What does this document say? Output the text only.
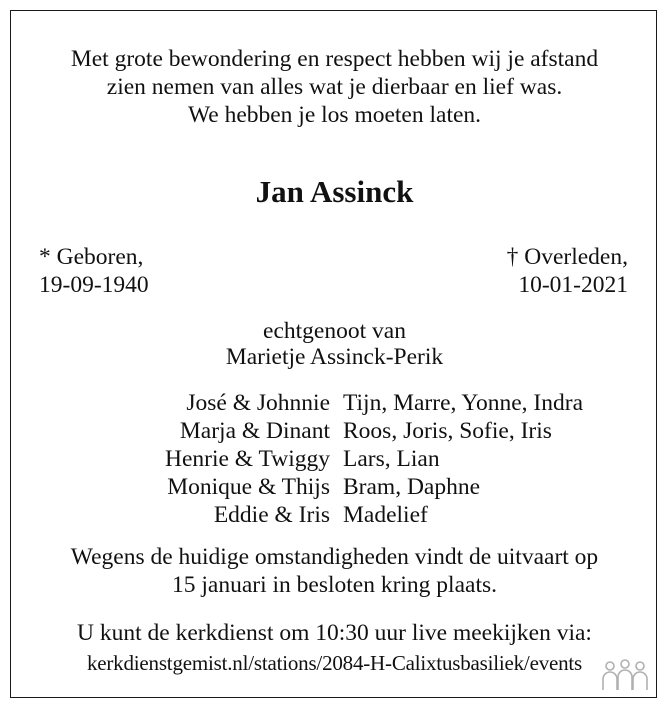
Met grote bewondering en respect hebben wij je afstand
zien nemen van alles wat je dierbaar en lief was.
We hebben je los moeten laten.
Jan Assinck
* Geboren,
19-09-1940
† Overleden,
10-01-2021
echtgenoot van
Marietje Assinck-Perik
José & Johnnie Tijn, Marre, Yonne, Indra
Marja & Dinant Roos, Joris, Sofie, Iris
Henrie & Twiggy Lars, Lian
Monique & Thijs Bram, Daphne
Eddie & Iris Madelief
Wegens de huidige omstandigheden vindt de uitvaart op
15 januari in besloten kring plaats.
U kunt de kerkdienst om 10:30 uur live meekijken via:
kerkdienstgemist.nl/stations/2084-H-Calixtusbasiliek/events
